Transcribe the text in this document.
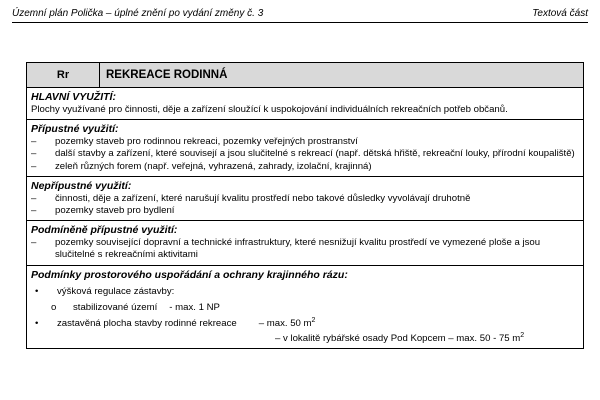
Územní plán Polička – úplné znění po vydání změny č. 3	Textová část
Rr	REKREACE RODINNÁ
HLAVNÍ VYUŽITÍ:
Plochy využívané pro činnosti, děje a zařízení sloužící k uspokojování individuálních rekreačních potřeb občanů.
Přípustné využití:
–	pozemky staveb pro rodinnou rekreaci, pozemky veřejných prostranství
–	další stavby a zařízení, které souvisejí a jsou slučitelné s rekreací (např. dětská hřiště, rekreační louky, přírodní koupaliště)
–	zeleň různých forem (např. veřejná, vyhrazená, zahrady, izolační, krajinná)
Nepřípustné využití:
–	činnosti, děje a zařízení, které narušují kvalitu prostředí nebo takové důsledky vyvolávají druhotně
–	pozemky staveb pro bydlení
Podmíněně přípustné využití:
–	pozemky související dopravní a technické infrastruktury, které nesnižují kvalitu prostředí ve vymezené ploše a jsou slučitelné s rekreačními aktivitami
Podmínky prostorového uspořádání a ochrany krajinného rázu:
•	výšková regulace zástavby:
o	stabilizované území - max. 1 NP
•	zastavěná plocha stavby rodinné rekreace – max. 50 $m^2$
– v lokalitě rybářské osady Pod Kopcem – max. 50 - 75 $m^2$
